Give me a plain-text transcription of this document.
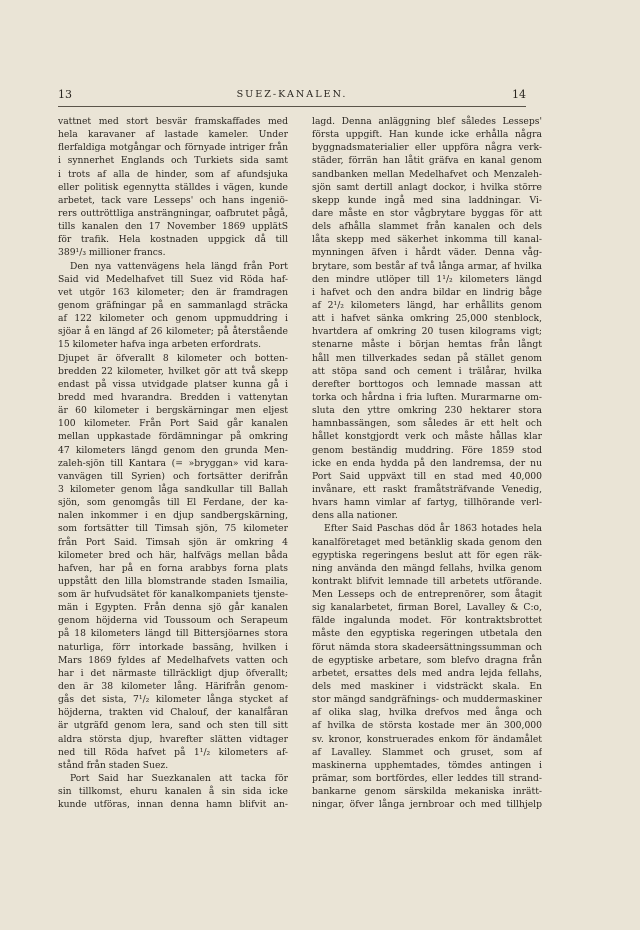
13	SUEZ-KANALEN.	14
vattnet med stort besvär framskaffades med
hela karavaner af lastade kameler. Under
flerfaldiga motgångar och förnyade intriger från
i synnerhet Englands och Turkiets sida samt
i trots af alla de hinder, som af afundsjuka
eller politisk egennytta ställdes i vägen, kunde
arbetet, tack vare Lesseps' och hans ingeniö-
rers outtröttliga ansträngningar, oafbrutet pågå,
tills kanalen den 17 November 1869 upplätS
för trafik. Hela kostnaden uppgick då till
389¹/₃ millioner francs.
Den nya vattenvägens hela längd från Port
Said vid Medelhafvet till Suez vid Röda haf-
vet utgör 163 kilometer; den är framdragen
genom gräfningar på en sammanlagd sträcka
af 122 kilometer och genom uppmuddring i
sjöar å en längd af 26 kilometer; på återstående
15 kilometer hafva inga arbeten erfordrats.
Djupet är öfverallt 8 kilometer och botten-
bredden 22 kilometer, hvilket gör att två skepp
endast på vissa utvidgade platser kunna gå i
bredd med hvarandra. Bredden i vattenytan
är 60 kilometer i bergskärningar men eljest
100 kilometer. Från Port Said går kanalen
mellan uppkastade fördämningar på omkring
47 kilometers längd genom den grunda Men-
zaleh-sjön till Kantara (= »bryggan» vid kara-
vanvägen till Syrien) och fortsätter derifrån
3 kilometer genom låga sandkullar till Ballah
sjön, som genomgås till El Ferdane, der ka-
nalen inkommer i en djup sandbergskärning,
som fortsätter till Timsah sjön, 75 kilometer
från Port Said. Timsah sjön är omkring 4
kilometer bred och här, halfvägs mellan båda
hafven, har på en forna arabbys forna plats
uppstått den lilla blomstrande staden Ismailia,
som är hufvudsätet för kanalkompaniets tjenste-
män i Egypten. Från denna sjö går kanalen
genom höjderna vid Toussoum och Serapeum
på 18 kilometers längd till Bittersjöarnes stora
naturliga, förr intorkade bassäng, hvilken i
Mars 1869 fyldes af Medelhafvets vatten och
har i det närmaste tillräckligt djup öfverallt;
den är 38 kilometer lång. Härifrån genom-
gås det sista, 7¹/₂ kilometer långa stycket af
höjderna, trakten vid Chalouf, der kanalfåran
är utgräfd genom lera, sand och sten till sitt
aldra största djup, hvarefter slätten vidtager
ned till Röda hafvet på 1¹/₂ kilometers af-
stånd från staden Suez.
Port Said har Suezkanalen att tacka för
sin tillkomst, ehuru kanalen å sin sida icke
kunde utföras, innan denna hamn blifvit an-
lagd. Denna anläggning blef således Lesseps'
första uppgift. Han kunde icke erhålla några
byggnadsmaterialier eller uppföra några verk-
städer, förrän han låtit gräfva en kanal genom
sandbanken mellan Medelhafvet och Menzaleh-
sjön samt dertill anlagt dockor, i hvilka större
skepp kunde ingå med sina laddningar. Vi-
dare måste en stor vågbrytare byggas för att
dels afhålla slammet från kanalen och dels
låta skepp med säkerhet inkomma till kanal-
mynningen äfven i hårdt väder. Denna våg-
brytare, som består af två långa armar, af hvilka
den mindre utlöper till 1¹/₂ kilometers längd
i hafvet och den andra bildar en lindrig båge
af 2¹/₂ kilometers längd, har erhållits genom
att i hafvet sänka omkring 25,000 stenblock,
hvartdera af omkring 20 tusen kilograms vigt;
stenarne måste i början hemtas från långt
håll men tillverkades sedan på stället genom
att stöpa sand och cement i trälårar, hvilka
derefter borttogos och lemnade massan att
torka och hårdna i fria luften. Murarmarne om-
sluta den yttre omkring 230 hektarer stora
hamnbassängen, som således är ett helt och
hållet konstgjordt verk och måste hållas klar
genom beständig muddring. Före 1859 stod
icke en enda hydda på den landremsa, der nu
Port Said uppväxt till en stad med 40,000
invånare, ett raskt framåtsträfvande Venedig,
hvars hamn vimlar af fartyg, tillhörande verl-
dens alla nationer.
Efter Said Paschas död år 1863 hotades hela
kanalföretaget med betänklig skada genom den
egyptiska regeringens beslut att för egen räk-
ning använda den mängd fellahs, hvilka genom
kontrakt blifvit lemnade till arbetets utförande.
Men Lesseps och de entreprenörer, som åtagit
sig kanalarbetet, firman Borel, Lavalley & C:o,
fälde ingalunda modet. För kontraktsbrottet
måste den egyptiska regeringen utbetala den
förut nämda stora skadeersättningssumman och
de egyptiske arbetare, som blefvo dragna från
arbetet, ersattes dels med andra lejda fellahs,
dels med maskiner i vidsträckt skala. En
stor mängd sandgräfnings- och muddermaskiner
af olika slag, hvilka drefvos med ånga och
af hvilka de största kostade mer än 300,000
sv. kronor, konstruerades enkom för ändamålet
af Lavalley. Slammet och gruset, som af
maskinerna upphemtades, tömdes antingen i
prämar, som bortfördes, eller leddes till strand-
bankarne genom särskilda mekaniska inrätt-
ningar, öfver långa jernbroar och med tillhjelp
